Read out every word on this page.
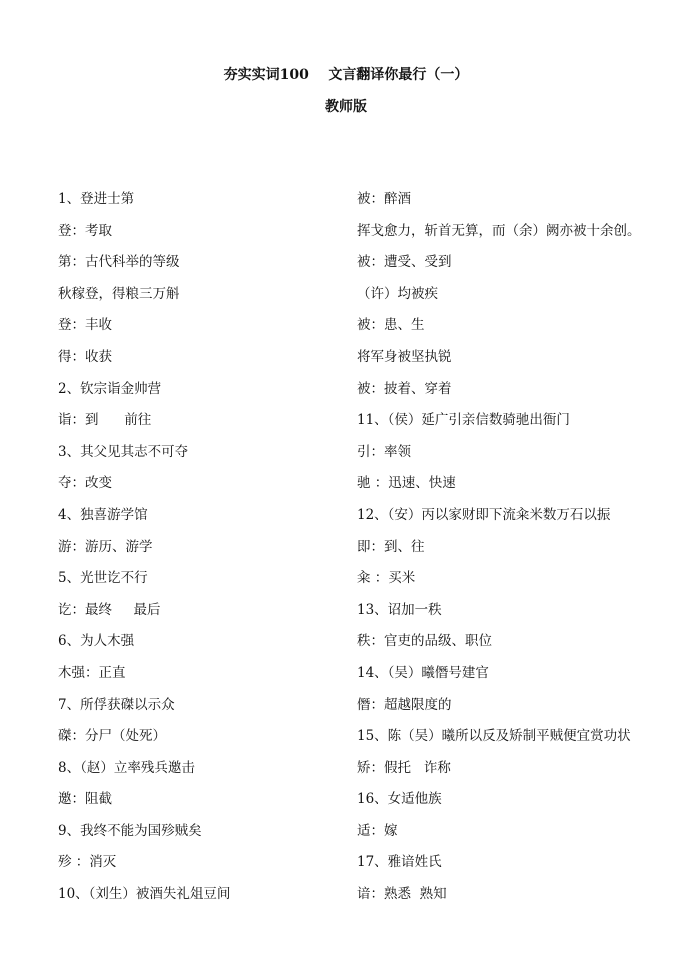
夯实实词100    文言翻译你最行（一）
教师版
1、登进士第
登：考取
第：古代科举的等级
秋稼登，得粮三万斛
登：丰收
得：收获
2、钦宗诣金帅营
诣：到      前往
3、其父见其志不可夺
夺：改变
4、独喜游学馆
游：游历、游学
5、光世讫不行
讫：最终     最后
6、为人木强
木强：正直
7、所俘获磔以示众
磔：分尸（处死）
8、（赵）立率残兵邀击
邀：阻截
9、我终不能为国殄贼矣
殄 ：消灭
10、（刘生）被酒失礼俎豆间
被：醉酒
挥戈愈力，斩首无算，而（余）阙亦被十余创。
被：遭受、受到
（许）均被疾
被：患、生
将军身被坚执锐
被：披着、穿着
11、（侯）延广引亲信数骑驰出衙门
引：率领
驰 ：迅速、快速
12、（安）丙以家财即下流籴米数万石以振
即：到、往
籴 ：买米
13、诏加一秩
秩：官吏的品级、职位
14、（吴）曦僭号建官
僭：超越限度的
15、陈（吴）曦所以反及矫制平贼便宜赏功状
矫：假托   诈称
16、女适他族
适：嫁
17、雅谙姓氏
谙：熟悉  熟知
